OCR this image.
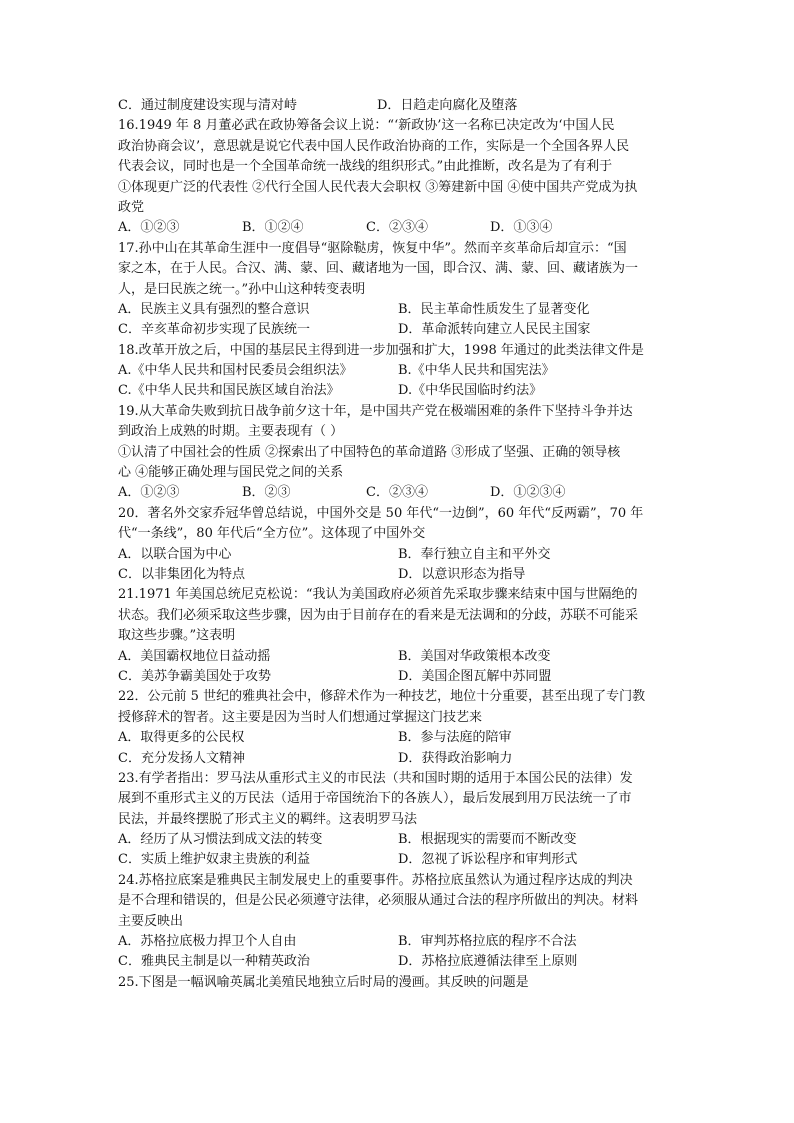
C．通过制度建设实现与清对峙	D．日趋走向腐化及堕落
16.1949 年 8 月董必武在政协筹备会议上说：“‘新政协’这一名称已决定改为‘中国人民
政治协商会议’，意思就是说它代表中国人民作政治协商的工作，实际是一个全国各界人民
代表会议，同时也是一个全国革命统一战线的组织形式。”由此推断，改名是为了有利于
①体现更广泛的代表性 ②代行全国人民代表大会职权 ③筹建新中国 ④使中国共产党成为执
政党
A．①②③	B．①②④	C．②③④	D．①③④
17.孙中山在其革命生涯中一度倡导“驱除鞑虏，恢复中华”。然而辛亥革命后却宣示：“国
家之本，在于人民。合汉、满、蒙、回、藏诸地为一国，即合汉、满、蒙、回、藏诸族为一
人，是曰民族之统一。”孙中山这种转变表明
A．民族主义具有强烈的整合意识	B．民主革命性质发生了显著变化
C．辛亥革命初步实现了民族统一	D．革命派转向建立人民民主国家
18.改革开放之后，中国的基层民主得到进一步加强和扩大，1998 年通过的此类法律文件是
A.《中华人民共和国村民委员会组织法》	B.《中华人民共和国宪法》
C.《中华人民共和国民族区域自治法》	D.《中华民国临时约法》
19.从大革命失败到抗日战争前夕这十年，是中国共产党在极端困难的条件下坚持斗争并达
到政治上成熟的时期。主要表现有（ ）
①认清了中国社会的性质 ②探索出了中国特色的革命道路 ③形成了坚强、正确的领导核
心 ④能够正确处理与国民党之间的关系
A．①②③	B．②③	C．②③④	D．①②③④
20．著名外交家乔冠华曾总结说，中国外交是 50 年代“一边倒”，60 年代“反两霸”，70 年
代“一条线”，80 年代后“全方位”。这体现了中国外交
A．以联合国为中心	B．奉行独立自主和平外交
C．以非集团化为特点	D．以意识形态为指导
21.1971 年美国总统尼克松说：“我认为美国政府必须首先采取步骤来结束中国与世隔绝的
状态。我们必须采取这些步骤，因为由于目前存在的看来是无法调和的分歧，苏联不可能采
取这些步骤。”这表明
A．美国霸权地位日益动摇	B．美国对华政策根本改变
C．美苏争霸美国处于攻势	D．美国企图瓦解中苏同盟
22．公元前 5 世纪的雅典社会中，修辞术作为一种技艺，地位十分重要，甚至出现了专门教
授修辞术的智者。这主要是因为当时人们想通过掌握这门技艺来
A．取得更多的公民权	B．参与法庭的陪审
C．充分发扬人文精神	D．获得政治影响力
23.有学者指出：罗马法从重形式主义的市民法（共和国时期的适用于本国公民的法律）发
展到不重形式主义的万民法（适用于帝国统治下的各族人），最后发展到用万民法统一了市
民法，并最终摆脱了形式主义的羁绊。这表明罗马法
A．经历了从习惯法到成文法的转变	B．根据现实的需要而不断改变
C．实质上维护奴隶主贵族的利益	D．忽视了诉讼程序和审判形式
24.苏格拉底案是雅典民主制发展史上的重要事件。苏格拉底虽然认为通过程序达成的判决
是不合理和错误的，但是公民必须遵守法律，必须服从通过合法的程序所做出的判决。材料
主要反映出
A．苏格拉底极力捍卫个人自由	B．审判苏格拉底的程序不合法
C．雅典民主制是以一种精英政治	D．苏格拉底遵循法律至上原则
25.下图是一幅讽喻英属北美殖民地独立后时局的漫画。其反映的问题是
